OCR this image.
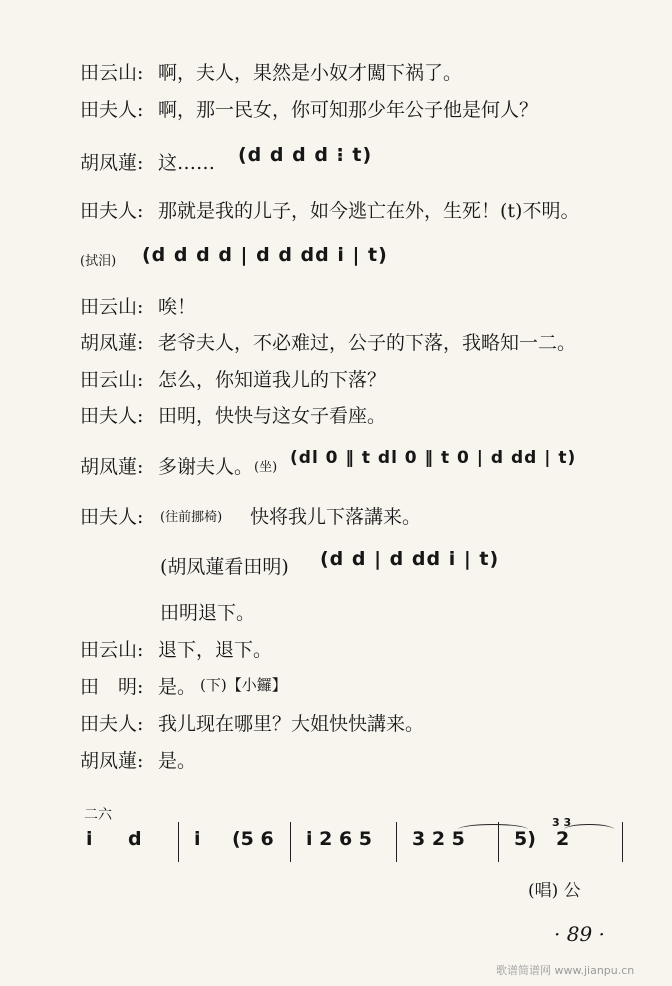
田云山: 啊，夫人，果然是小奴才闖下祸了。
田夫人: 啊，那一民女，你可知那少年公子他是何人？
胡凤蓮: 这…… (d d d d ⁝ t)
田夫人: 那就是我的儿子，如今逃亡在外，生死！(t)不明。
(拭泪)	(d d d d | d d dd i | t)
田云山: 唉！
胡凤蓮: 老爷夫人，不必难过，公子的下落，我略知一二。
田云山: 怎么，你知道我儿的下落？
田夫人: 田明，快快与这女子看座。
胡凤蓮: 多谢夫人。 (坐) (dl 0 ‖ t dl 0 ‖ t 0 | d dd | t)
田夫人:	(往前挪椅) 快将我儿下落講来。
(胡凤蓮看田明) (d d | d dd i | t)
田明退下。
田云山: 退下，退下。
田　明: 是。 (下)【小鑼】
田夫人: 我儿现在哪里？大姐快快講来。
胡凤蓮: 是。
二六
i d	i (5 6 i 2 6 5 3 2 5	5)
3 3
2
(唱) 公
· 89 ·
歌谱简谱网 www.jianpu.cn
